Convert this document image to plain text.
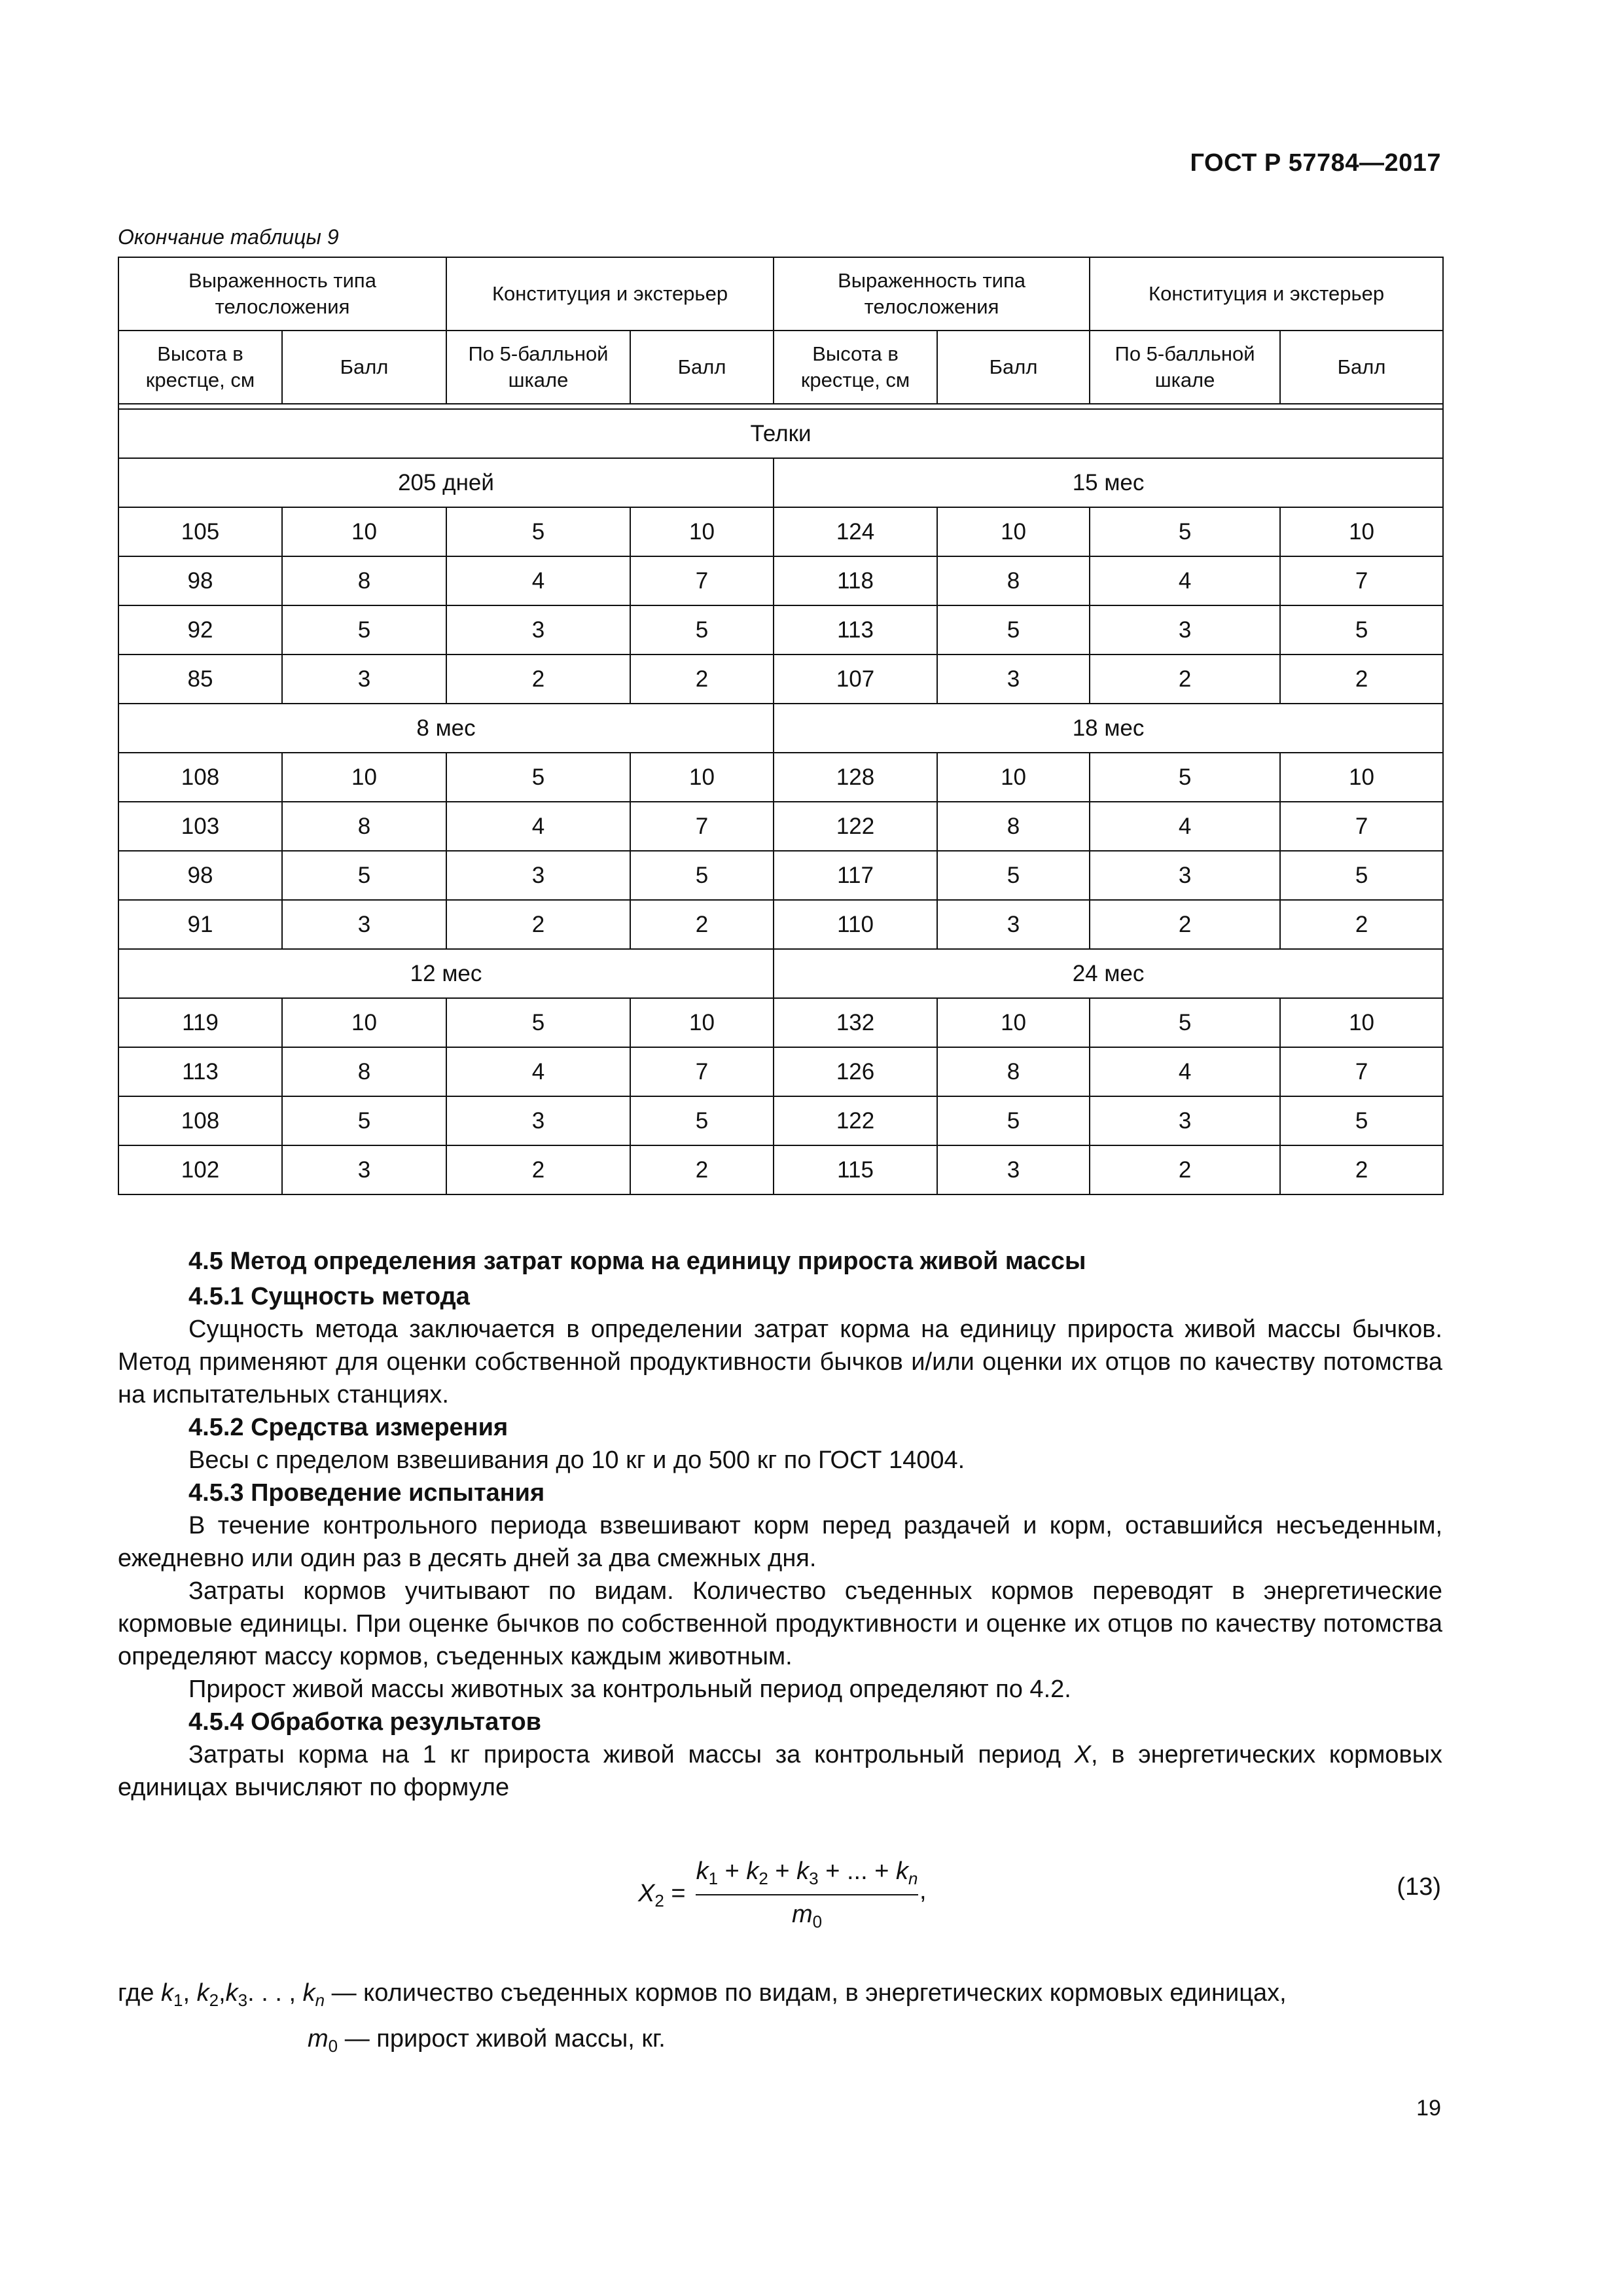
ГОСТ Р 57784—2017
Окончание таблицы 9
Выраженность типа телосложения		Конституция и экстерьер		Выраженность типа телосложения		Конституция и экстерьер	
Высота в крестце, см	Балл	По 5-балльной шкале	Балл	Высота в крестце, см	Балл	По 5-балльной шкале	Балл

Телки							
205 дней				15 мес			
105	10	5	10	124	10	5	10
98	8	4	7	118	8	4	7
92	5	3	5	113	5	3	5
85	3	2	2	107	3	2	2
8 мес				18 мес			
108	10	5	10	128	10	5	10
103	8	4	7	122	8	4	7
98	5	3	5	117	5	3	5
91	3	2	2	110	3	2	2
12 мес				24 мес			
119	10	5	10	132	10	5	10
113	8	4	7	126	8	4	7
108	5	3	5	122	5	3	5
102	3	2	2	115	3	2	2
4.5 Метод определения затрат корма на единицу прироста живой массы

4.5.1 Сущность метода

Сущность метода заключается в определении затрат корма на единицу прироста живой массы бычков. Метод применяют для оценки собственной продуктивности бычков и/или оценки их отцов по качеству потомства на испытательных станциях.

4.5.2 Средства измерения

Весы с пределом взвешивания до 10 кг и до 500 кг по ГОСТ 14004.

4.5.3 Проведение испытания

В течение контрольного периода взвешивают корм перед раздачей и корм, оставшийся несъеденным, ежедневно или один раз в десять дней за два смежных дня.

Затраты кормов учитывают по видам. Количество съеденных кормов переводят в энергетические кормовые единицы. При оценке бычков по собственной продуктивности и оценке их отцов по качеству потомства определяют массу кормов, съеденных каждым животным.

Прирост живой массы животных за контрольный период определяют по 4.2.

4.5.4 Обработка результатов

Затраты корма на 1 кг прироста живой массы за контрольный период X, в энергетических кормовых единицах вычисляют по формуле

$X_2$ =
$k_1 + k_2 + k_3$ + ... + $k_n$
$m_0$
,	(13)
где $k_1$, $k_2,k_3$. . . , $k_n$ — количество съеденных кормов по видам, в энергетических кормовых единицах,
$m_0$ — прирост живой массы, кг.
19
